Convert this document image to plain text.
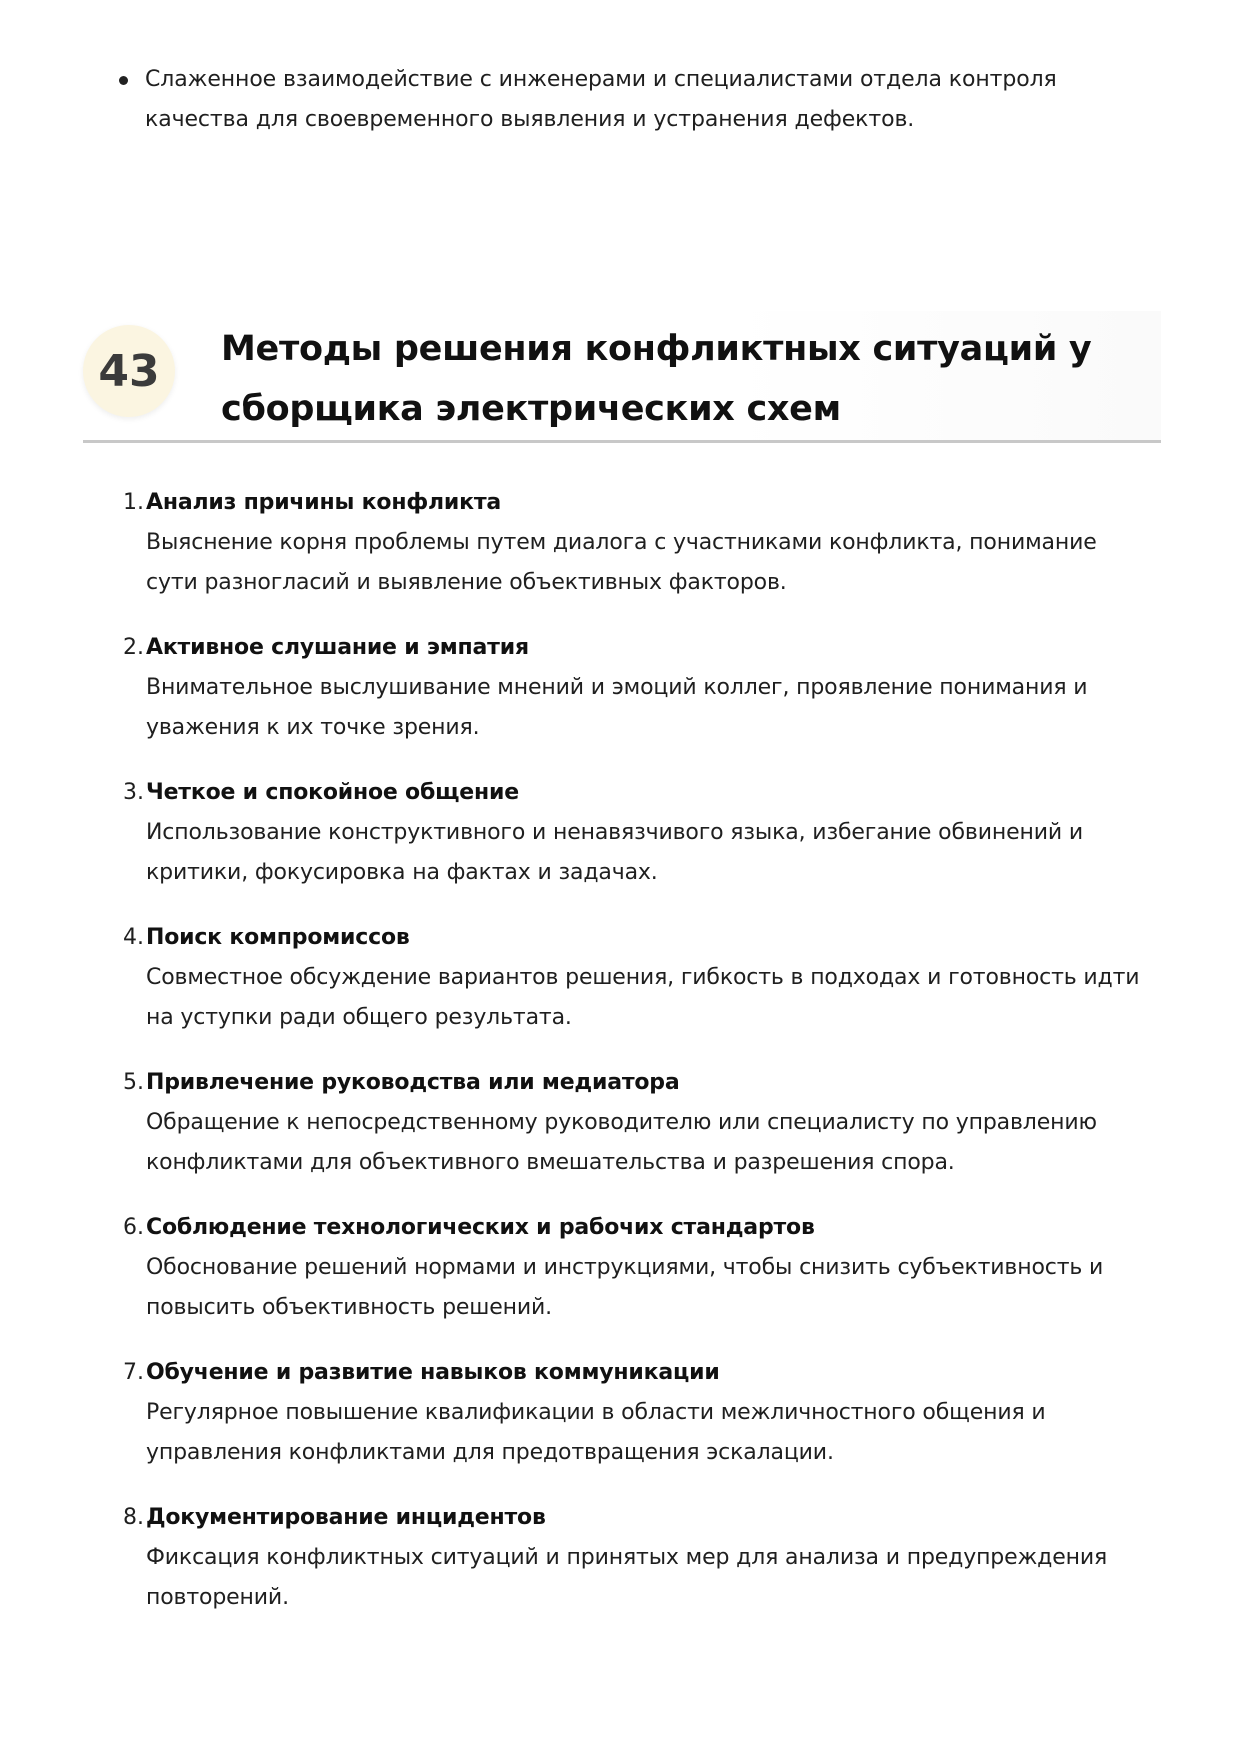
Слаженное взаимодействие с инженерами и специалистами отдела контроля качества для своевременного выявления и устранения дефектов.
43	Методы решения конфликтных ситуаций у сборщика электрических схем
1. Анализ причины конфликта
Выяснение корня проблемы путем диалога с участниками конфликта, понимание сути разногласий и выявление объективных факторов.
2. Активное слушание и эмпатия
Внимательное выслушивание мнений и эмоций коллег, проявление понимания и уважения к их точке зрения.
3. Четкое и спокойное общение
Использование конструктивного и ненавязчивого языка, избегание обвинений и критики, фокусировка на фактах и задачах.
4. Поиск компромиссов
Совместное обсуждение вариантов решения, гибкость в подходах и готовность идти на уступки ради общего результата.
5. Привлечение руководства или медиатора
Обращение к непосредственному руководителю или специалисту по управлению конфликтами для объективного вмешательства и разрешения спора.
6. Соблюдение технологических и рабочих стандартов
Обоснование решений нормами и инструкциями, чтобы снизить субъективность и повысить объективность решений.
7. Обучение и развитие навыков коммуникации
Регулярное повышение квалификации в области межличностного общения и управления конфликтами для предотвращения эскалации.
8. Документирование инцидентов
Фиксация конфликтных ситуаций и принятых мер для анализа и предупреждения повторений.
